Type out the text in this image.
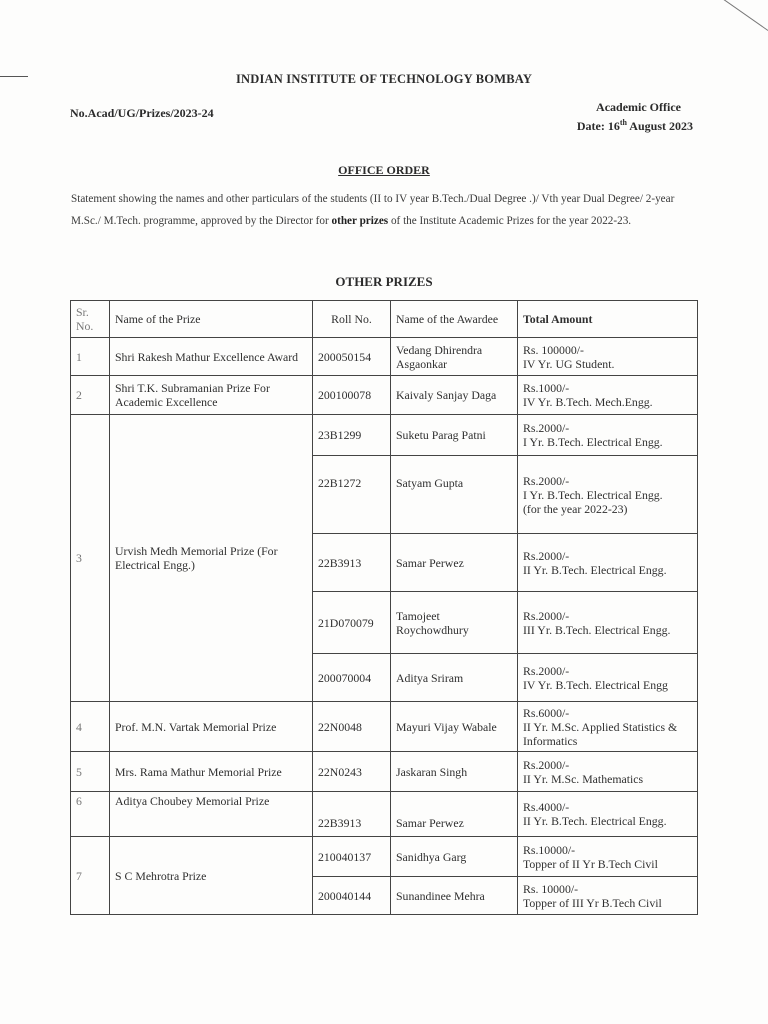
INDIAN INSTITUTE OF TECHNOLOGY BOMBAY
No.Acad/UG/Prizes/2023-24	Academic Office
Date: 16th August 2023
OFFICE ORDER
Statement showing the names and other particulars of the students (II to IV year B.Tech./Dual Degree .)/ Vth year Dual Degree/ 2-year M.Sc./ M.Tech. programme, approved by the Director for other prizes of the Institute Academic Prizes for the year 2022-23.
OTHER PRIZES
Sr. No.	Name of the Prize	Roll No.	Name of the Awardee	Total Amount
1	Shri Rakesh Mathur Excellence Award	200050154	Vedang Dhirendra Asgaonkar	Rs. 100000/-
IV Yr. UG Student.

2	Shri T.K. Subramanian Prize For Academic Excellence	200100078	Kaivaly Sanjay Daga	Rs.1000/-
IV Yr. B.Tech. Mech.Engg.

3	Urvish Medh Memorial Prize (For Electrical Engg.)	23B1299	Suketu Parag Patni	Rs.2000/-
I Yr. B.Tech. Electrical Engg.

		22B1272	Satyam Gupta	Rs.2000/-
I Yr. B.Tech. Electrical Engg.
(for the year 2022-23)

		22B3913	Samar Perwez	Rs.2000/-
II Yr. B.Tech. Electrical Engg.

		21D070079	Tamojeet Roychowdhury	Rs.2000/-
III Yr. B.Tech. Electrical Engg.

		200070004	Aditya Sriram	Rs.2000/-
IV Yr. B.Tech. Electrical Engg

4	Prof. M.N. Vartak Memorial Prize	22N0048	Mayuri Vijay Wabale	Rs.6000/-
II Yr. M.Sc. Applied Statistics & Informatics

5	Mrs. Rama Mathur Memorial Prize	22N0243	Jaskaran Singh	Rs.2000/-
II Yr. M.Sc. Mathematics

6	Aditya Choubey Memorial Prize	22B3913	Samar Perwez	Rs.4000/-
II Yr. B.Tech. Electrical Engg.

7	S C Mehrotra Prize	210040137	Sanidhya Garg	Rs.10000/-
Topper of II Yr B.Tech Civil

		200040144	Sunandinee Mehra	Rs. 10000/-
Topper of III Yr B.Tech Civil
